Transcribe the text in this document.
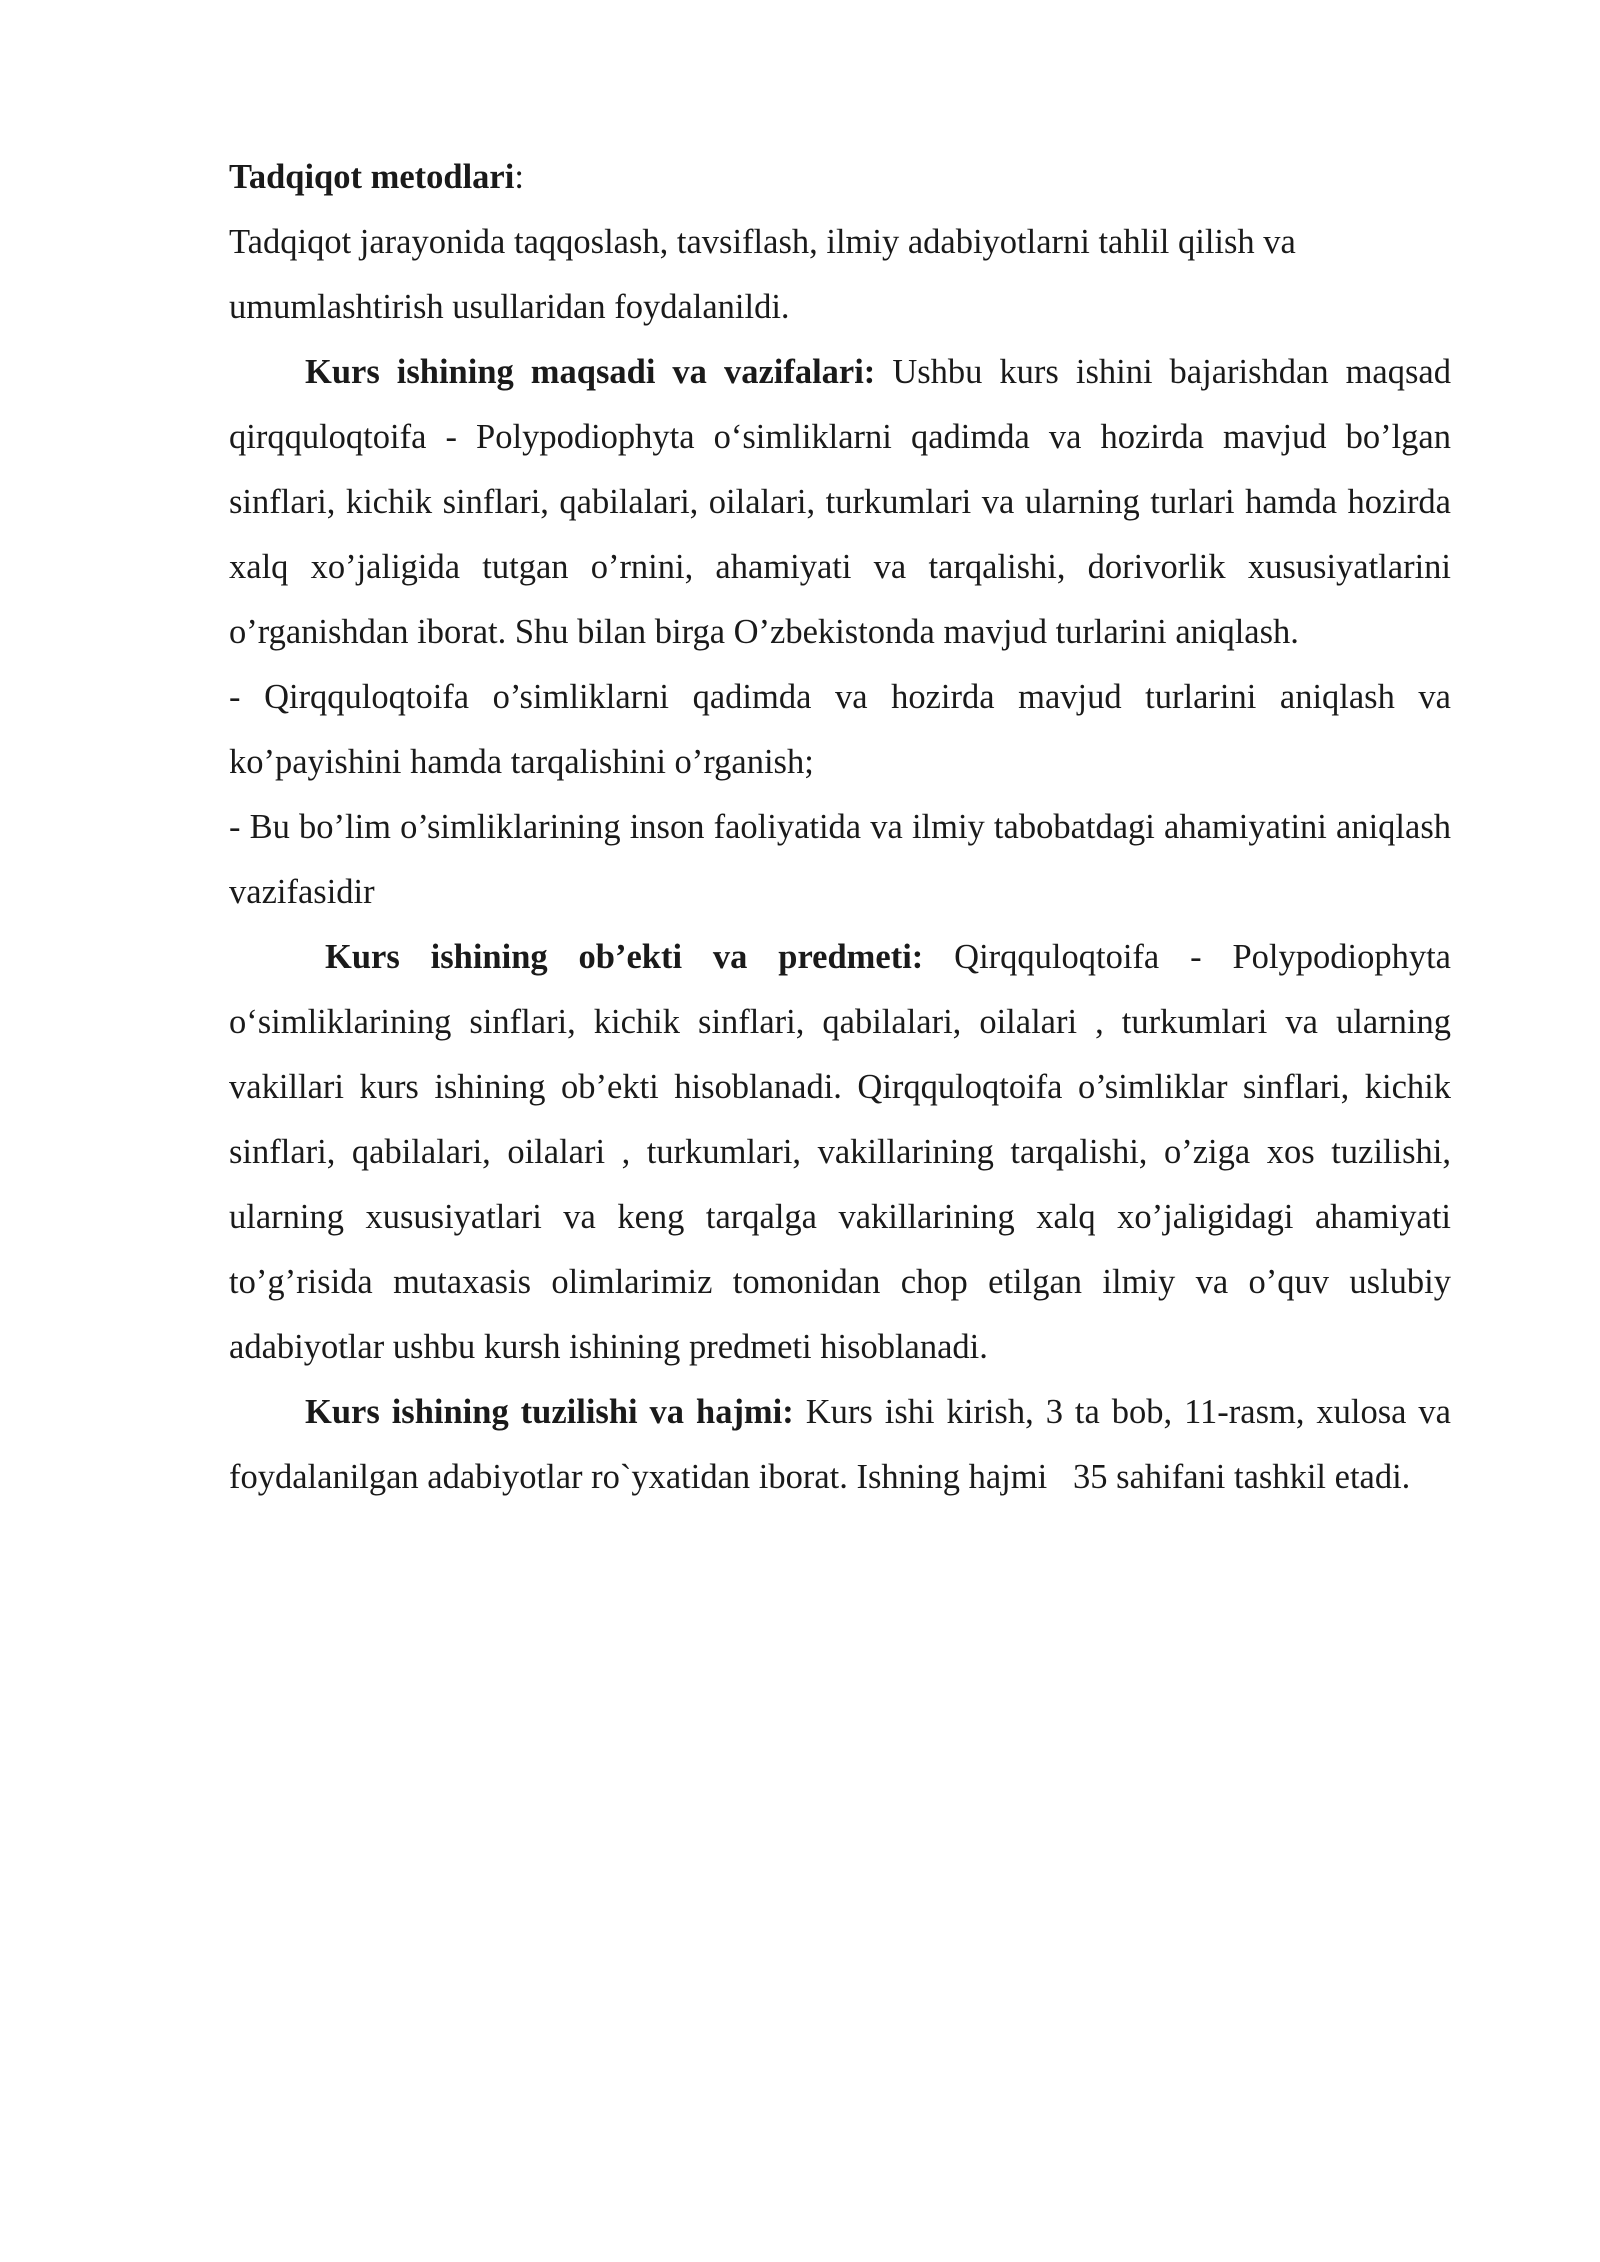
Tadqiqot metodlari:

Tadqiqot jarayonida taqqoslash, tavsiflash, ilmiy adabiyotlarni tahlil qilish va umumlashtirish usullaridan foydalanildi.

Kurs ishining maqsadi va vazifalari: Ushbu kurs ishini bajarishdan maqsad qirqquloqtoifa - Polypodiophyta o‘simliklarni qadimda va hozirda mavjud bo’lgan sinflari, kichik sinflari, qabilalari, oilalari, turkumlari va ularning turlari hamda hozirda xalq xo’jaligida tutgan o’rnini, ahamiyati va tarqalishi, dorivorlik xususiyatlarini o’rganishdan iborat. Shu bilan birga O’zbekistonda mavjud turlarini aniqlash.

- Qirqquloqtoifa o’simliklarni qadimda va hozirda mavjud turlarini aniqlash va ko’payishini hamda tarqalishini o’rganish;

- Bu bo’lim o’simliklarining inson faoliyatida va ilmiy tabobatdagi ahamiyatini aniqlash vazifasidir

Kurs ishining ob’ekti va predmeti: Qirqquloqtoifa - Polypodiophyta o‘simliklarining sinflari, kichik sinflari, qabilalari, oilalari , turkumlari va ularning vakillari kurs ishining ob’ekti hisoblanadi. Qirqquloqtoifa o’simliklar sinflari, kichik sinflari, qabilalari, oilalari , turkumlari, vakillarining tarqalishi, o’ziga xos tuzilishi, ularning xususiyatlari va keng tarqalga vakillarining xalq xo’jaligidagi ahamiyati to’g’risida mutaxasis olimlarimiz tomonidan chop etilgan ilmiy va o’quv uslubiy adabiyotlar ushbu kursh ishining predmeti hisoblanadi.

Kurs ishining tuzilishi va hajmi: Kurs ishi kirish, 3 ta bob, 11-rasm, xulosa va foydalanilgan adabiyotlar ro`yxatidan iborat. Ishning hajmi   35 sahifani tashkil etadi.
